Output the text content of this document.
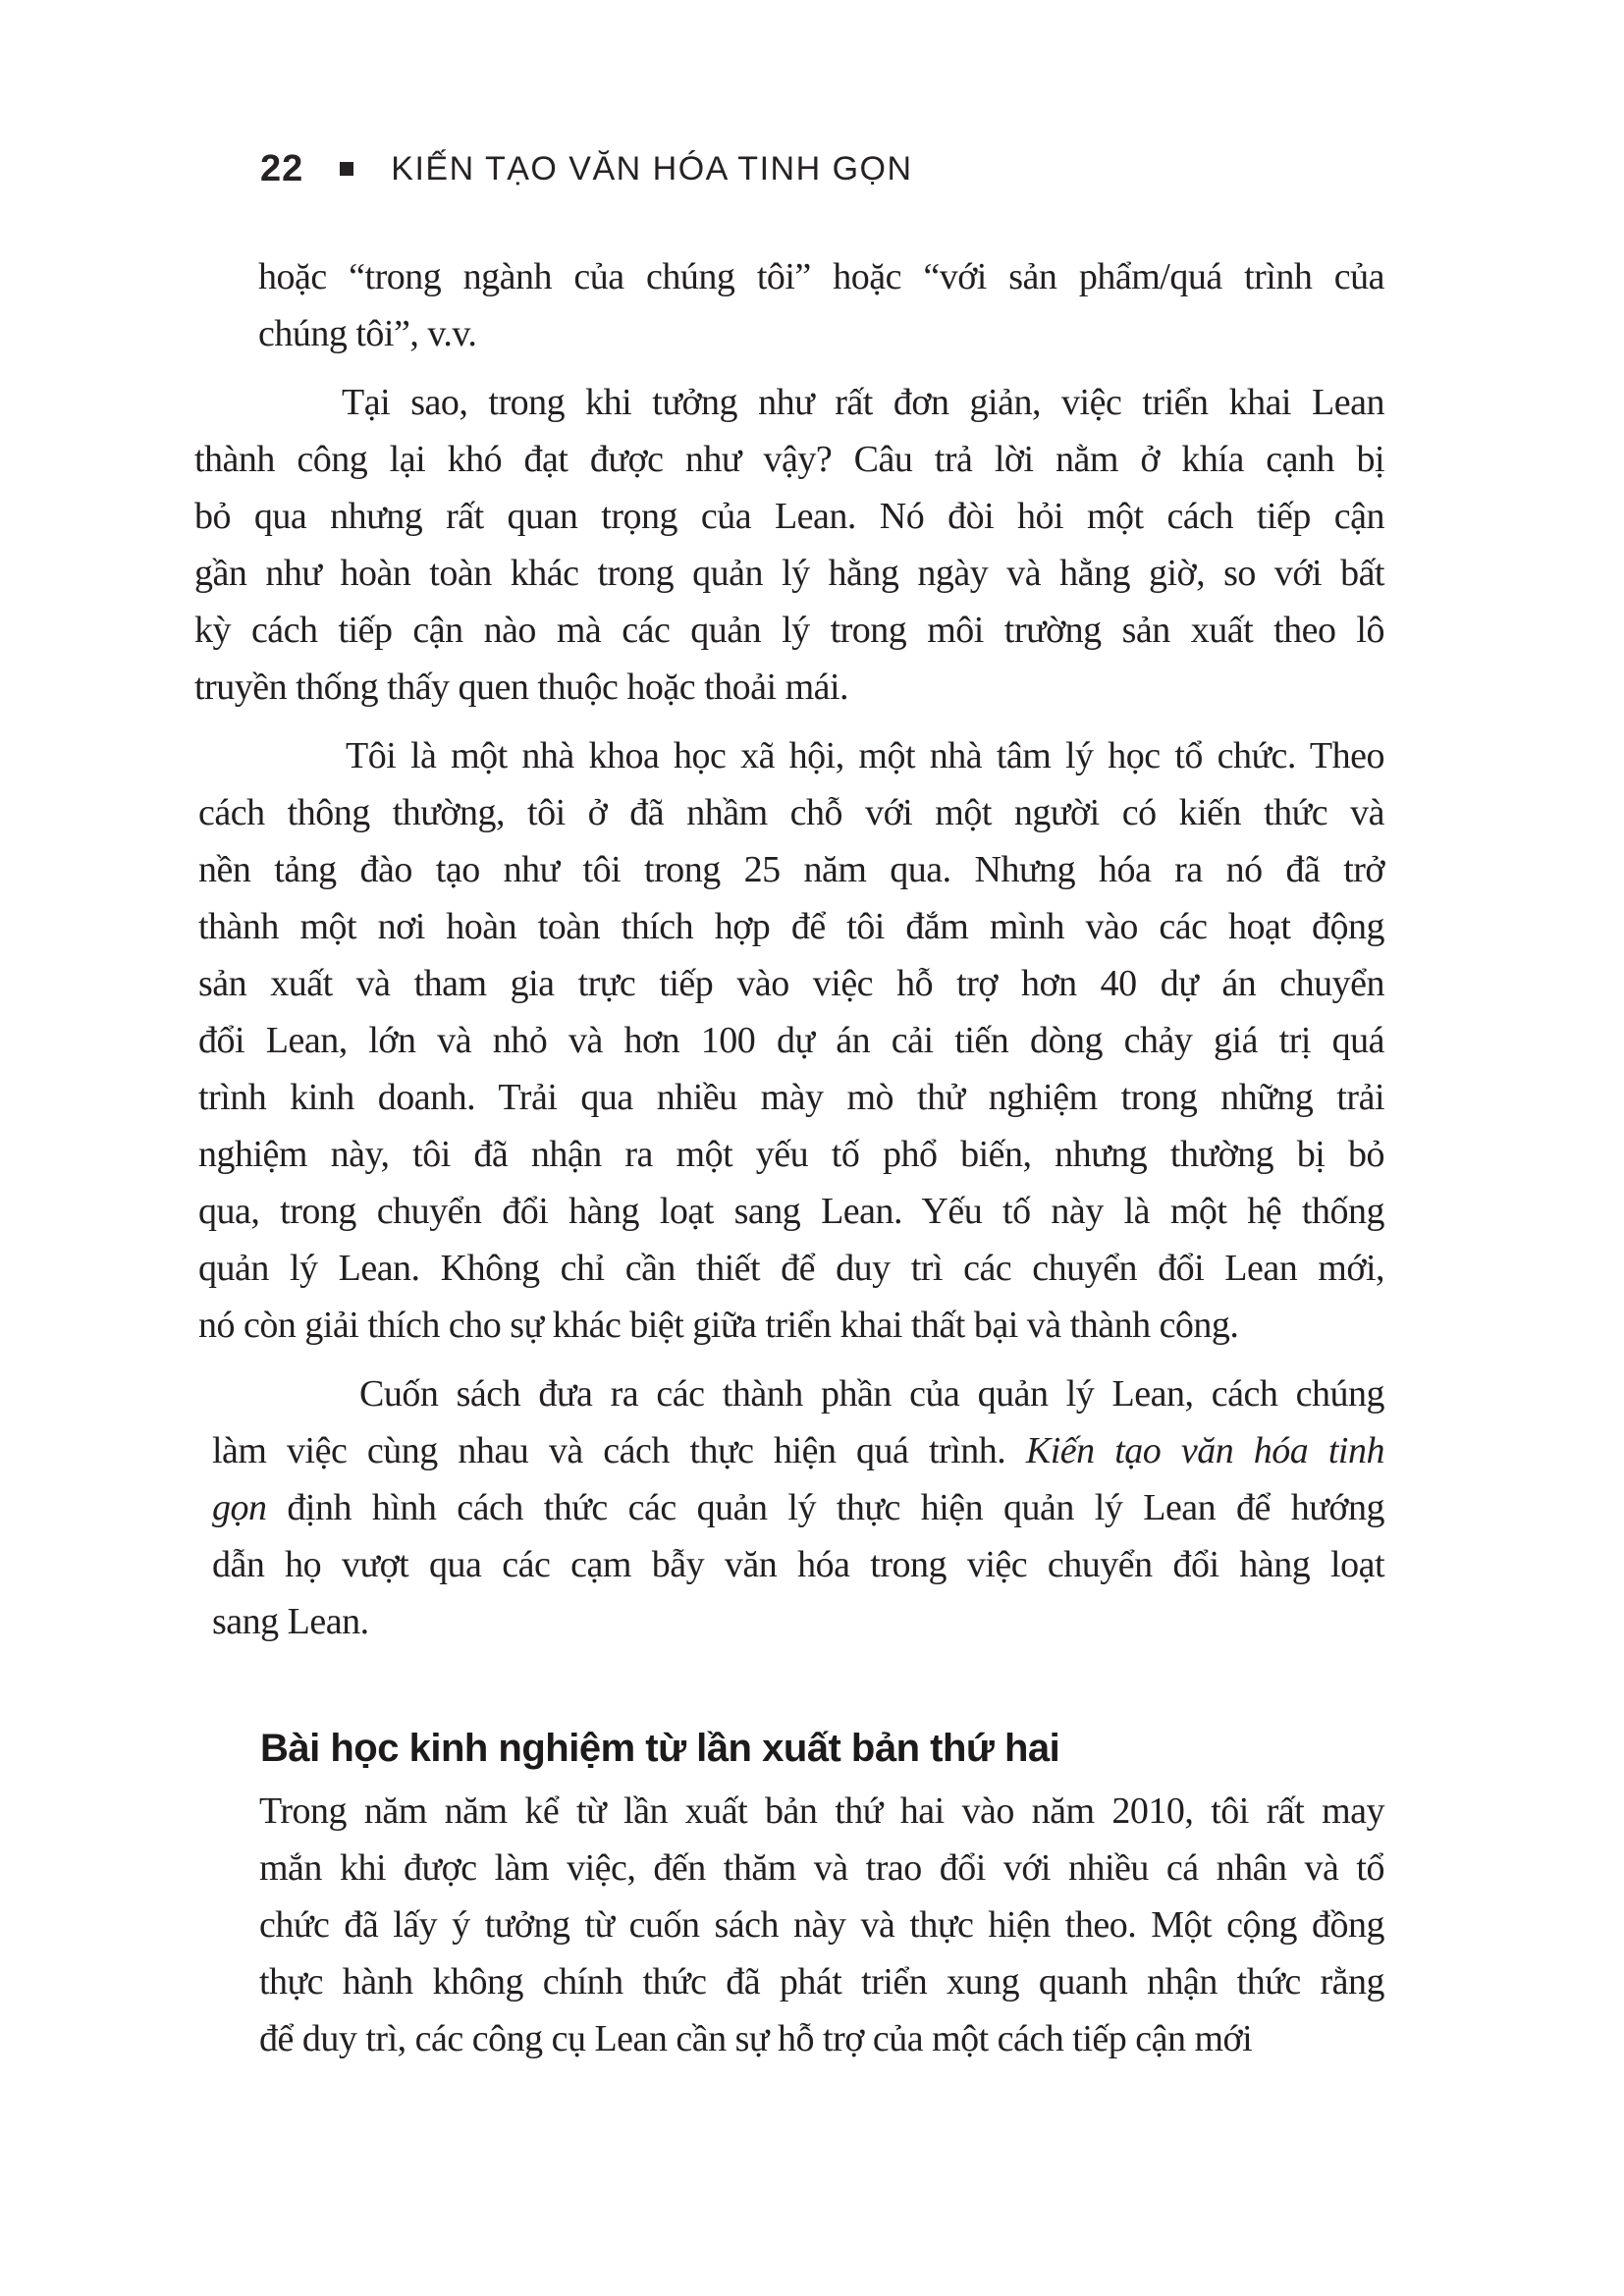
22	KIẾN TẠO VĂN HÓA TINH GỌN
hoặc “trong ngành của chúng tôi” hoặc “với sản phẩm/quá trình của
chúng tôi”, v.v.
Tại sao, trong khi tưởng như rất đơn giản, việc triển khai Lean
thành công lại khó đạt được như vậy? Câu trả lời nằm ở khía cạnh bị
bỏ qua nhưng rất quan trọng của Lean. Nó đòi hỏi một cách tiếp cận
gần như hoàn toàn khác trong quản lý hằng ngày và hằng giờ, so với bất
kỳ cách tiếp cận nào mà các quản lý trong môi trường sản xuất theo lô
truyền thống thấy quen thuộc hoặc thoải mái.
Tôi là một nhà khoa học xã hội, một nhà tâm lý học tổ chức. Theo
cách thông thường, tôi ở đã nhầm chỗ với một người có kiến thức và
nền tảng đào tạo như tôi trong 25 năm qua. Nhưng hóa ra nó đã trở
thành một nơi hoàn toàn thích hợp để tôi đắm mình vào các hoạt động
sản xuất và tham gia trực tiếp vào việc hỗ trợ hơn 40 dự án chuyển
đổi Lean, lớn và nhỏ và hơn 100 dự án cải tiến dòng chảy giá trị quá
trình kinh doanh. Trải qua nhiều mày mò thử nghiệm trong những trải
nghiệm này, tôi đã nhận ra một yếu tố phổ biến, nhưng thường bị bỏ
qua, trong chuyển đổi hàng loạt sang Lean. Yếu tố này là một hệ thống
quản lý Lean. Không chỉ cần thiết để duy trì các chuyển đổi Lean mới,
nó còn giải thích cho sự khác biệt giữa triển khai thất bại và thành công.
Cuốn sách đưa ra các thành phần của quản lý Lean, cách chúng
làm việc cùng nhau và cách thực hiện quá trình. Kiến tạo văn hóa tinh
gọn định hình cách thức các quản lý thực hiện quản lý Lean để hướng
dẫn họ vượt qua các cạm bẫy văn hóa trong việc chuyển đổi hàng loạt
sang Lean.
Bài học kinh nghiệm từ lần xuất bản thứ hai
Trong năm năm kể từ lần xuất bản thứ hai vào năm 2010, tôi rất may
mắn khi được làm việc, đến thăm và trao đổi với nhiều cá nhân và tổ
chức đã lấy ý tưởng từ cuốn sách này và thực hiện theo. Một cộng đồng
thực hành không chính thức đã phát triển xung quanh nhận thức rằng
để duy trì, các công cụ Lean cần sự hỗ trợ của một cách tiếp cận mới
